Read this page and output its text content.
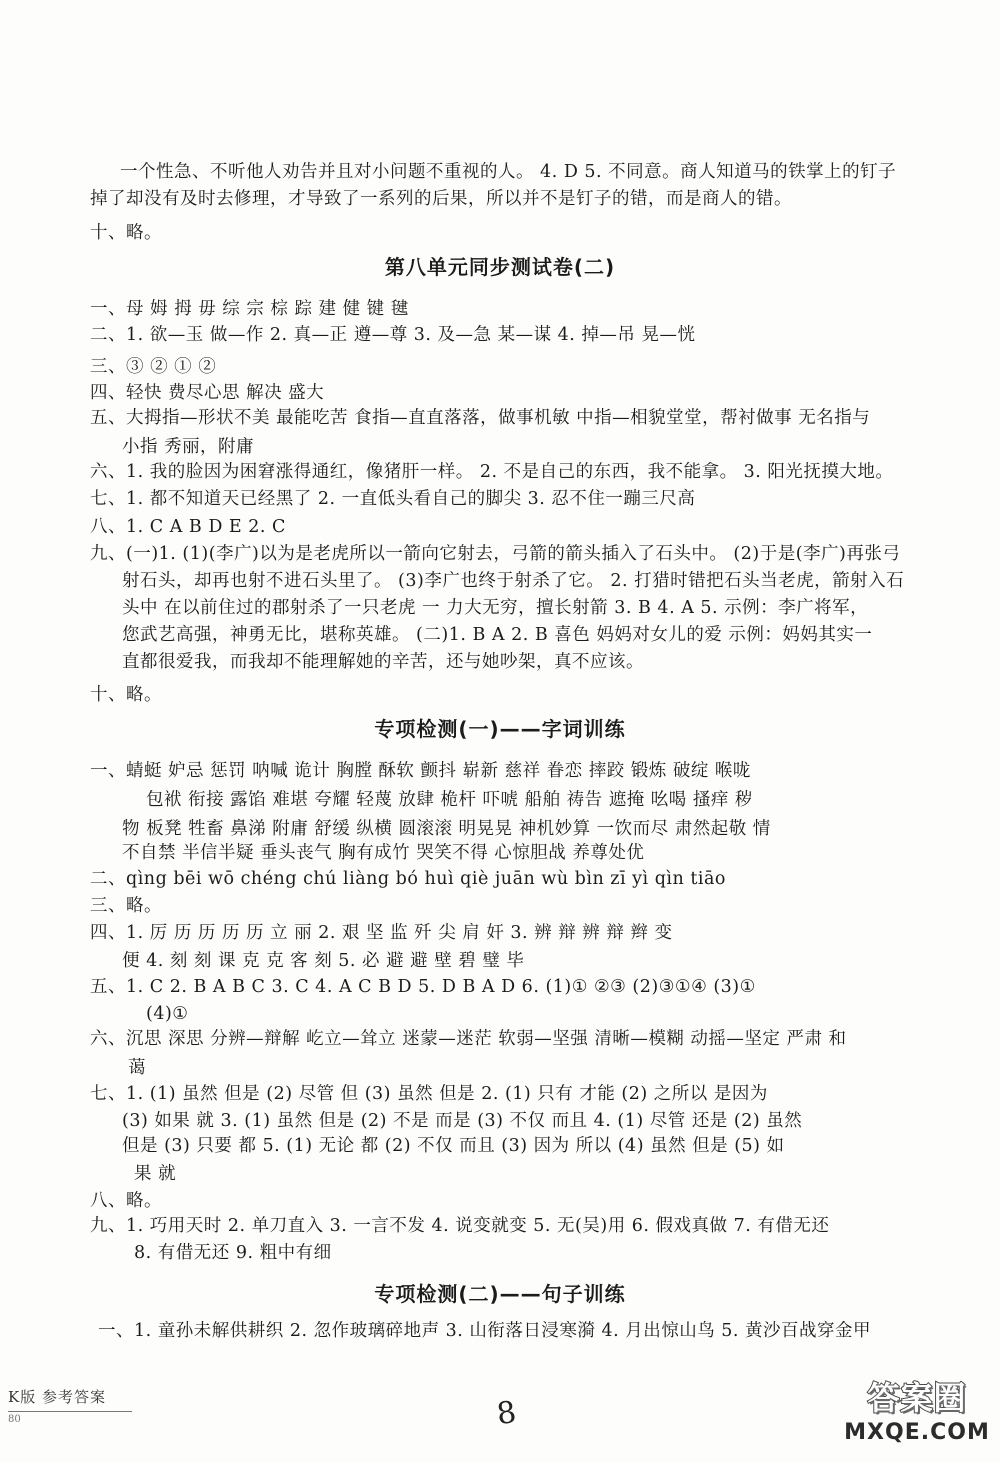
一个性急、不听他人劝告并且对小问题不重视的人。 4. D 5. 不同意。商人知道马的铁掌上的钉子
掉了却没有及时去修理，才导致了一系列的后果，所以并不是钉子的错，而是商人的错。
十、略。
第八单元同步测试卷(二)
一、母 姆 拇 毋 综 宗 棕 踪 建 健 键 毽
二、1. 欲—玉 做—作 2. 真—正 遵—尊 3. 及—急 某—谋 4. 掉—吊 晃—恍
三、③ ② ① ②
四、轻快 费尽心思 解决 盛大
五、大拇指—形状不美 最能吃苦 食指—直直落落，做事机敏 中指—相貌堂堂，帮衬做事 无名指与
小指 秀丽，附庸
六、1. 我的脸因为困窘涨得通红，像猪肝一样。 2. 不是自己的东西，我不能拿。 3. 阳光抚摸大地。
七、1. 都不知道天已经黑了 2. 一直低头看自己的脚尖 3. 忍不住一蹦三尺高
八、1. C A B D E 2. C
九、(一)1. (1)(李广)以为是老虎所以一箭向它射去，弓箭的箭头插入了石头中。 (2)于是(李广)再张弓
射石头，却再也射不进石头里了。 (3)李广也终于射杀了它。 2. 打猎时错把石头当老虎，箭射入石
头中 在以前住过的郡射杀了一只老虎 一 力大无穷，擅长射箭 3. B 4. A 5. 示例：李广将军，
您武艺高强，神勇无比，堪称英雄。 (二)1. B A 2. B 喜色 妈妈对女儿的爱 示例：妈妈其实一
直都很爱我，而我却不能理解她的辛苦，还与她吵架，真不应该。
十、略。
专项检测(一)——字词训练
一、蜻蜓 妒忌 惩罚 呐喊 诡计 胸膛 酥软 颤抖 崭新 慈祥 眷恋 摔跤 锻炼 破绽 喉咙
包袱 衔接 露馅 难堪 夸耀 轻蔑 放肆 桅杆 吓唬 船舶 祷告 遮掩 吆喝 搔痒 秽
物 板凳 牲畜 鼻涕 附庸 舒缓 纵横 圆滚滚 明晃晃 神机妙算 一饮而尽 肃然起敬 情
不自禁 半信半疑 垂头丧气 胸有成竹 哭笑不得 心惊胆战 养尊处优
二、qìng bēi wō chéng chú liàng bó huì qiè juān wù bìn zī yì qìn tiāo
三、略。
四、1. 厉 历 历 历 历 立 丽 2. 艰 坚 监 歼 尖 肩 奸 3. 辨 辩 辨 辩 辫 变
便 4. 刻 刻 课 克 克 客 刻 5. 必 避 避 壁 碧 璧 毕
五、1. C 2. B A B C 3. C 4. A C B D 5. D B A D 6. (1)① ②③ (2)③①④ (3)①
(4)①
六、沉思 深思 分辨—辩解 屹立—耸立 迷蒙—迷茫 软弱—坚强 清晰—模糊 动摇—坚定 严肃 和
蔼
七、1. (1) 虽然 但是 (2) 尽管 但 (3) 虽然 但是 2. (1) 只有 才能 (2) 之所以 是因为
(3) 如果 就 3. (1) 虽然 但是 (2) 不是 而是 (3) 不仅 而且 4. (1) 尽管 还是 (2) 虽然
但是 (3) 只要 都 5. (1) 无论 都 (2) 不仅 而且 (3) 因为 所以 (4) 虽然 但是 (5) 如
果 就
八、略。
九、1. 巧用天时 2. 单刀直入 3. 一言不发 4. 说变就变 5. 无(吴)用 6. 假戏真做 7. 有借无还
8. 有借无还 9. 粗中有细
专项检测(二)——句子训练
一、1. 童孙未解供耕织 2. 忽作玻璃碎地声 3. 山衔落日浸寒漪 4. 月出惊山鸟 5. 黄沙百战穿金甲
K版 参考答案
80	8	答案圈
MXQE.COM
